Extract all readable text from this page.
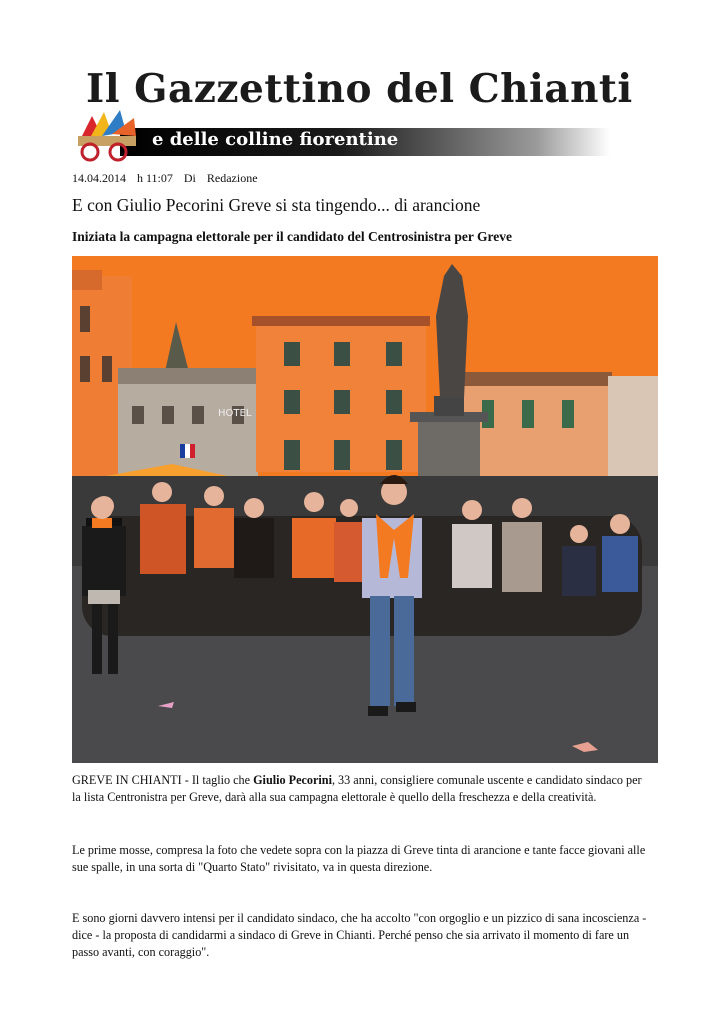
Il Gazzettino del Chianti
e delle colline fiorentine
14.04.2014 h 11:07 Di Redazione
E con Giulio Pecorini Greve si sta tingendo... di arancione
Iniziata la campagna elettorale per il candidato del Centrosinistra per Greve
HOTEL

GREVE IN CHIANTI - Il taglio che Giulio Pecorini, 33 anni, consigliere comunale uscente e candidato sindaco per la lista Centronistra per Greve, darà alla sua campagna elettorale è quello della freschezza e della creatività.

Le prime mosse, compresa la foto che vedete sopra con la piazza di Greve tinta di arancione e tante facce giovani alle sue spalle, in una sorta di "Quarto Stato" rivisitato, va in questa direzione.

E sono giorni davvero intensi per il candidato sindaco, che ha accolto "con orgoglio e un pizzico di sana incoscienza - dice - la proposta di candidarmi a sindaco di Greve in Chianti. Perché penso che sia arrivato il momento di fare un passo avanti, con coraggio".
